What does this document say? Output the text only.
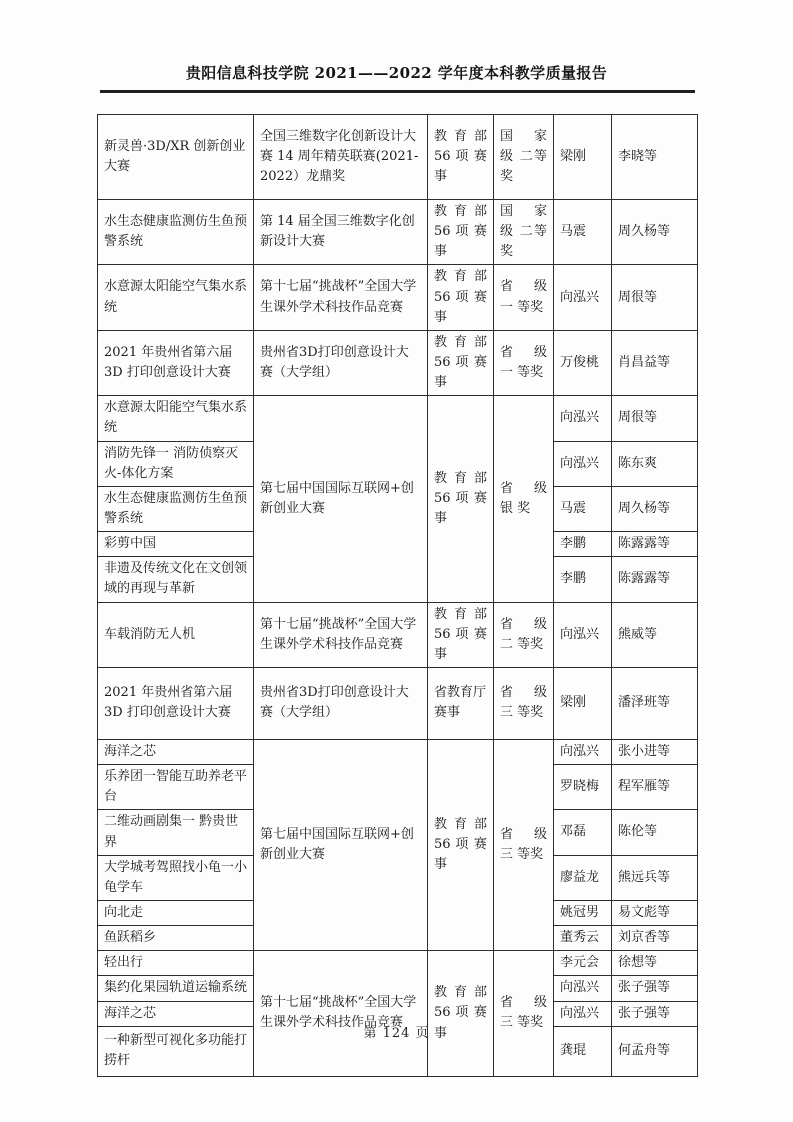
贵阳信息科技学院 2021——2022 学年度本科教学质量报告
新灵兽·3D/XR 创新创业大赛	全国三维数字化创新设计大赛 14 周年精英联赛(2021-2022）龙鼎奖	教 育 部 56 项 赛 事	国 家 级 二等奖	梁刚	李晓等
水生态健康监测仿生鱼预警系统	第 14 届全国三维数字化创新设计大赛	教 育 部 56 项 赛 事	国 家 级 二等奖	马震	周久杨等
水意源太阳能空气集水系统	第十七届“挑战杯”全国大学生课外学术科技作品竞赛	教 育 部 56 项 赛 事	省 级 一 等奖	向泓兴	周很等
2021 年贵州省第六届 3D 打印创意设计大赛	贵州省3D打印创意设计大赛（大学组）	教 育 部 56 项 赛 事	省 级 一 等奖	万俊桃	肖昌益等
水意源太阳能空气集水系统	第七届中国国际互联网+创新创业大赛	教 育 部 56 项 赛 事	省 级 银 奖	向泓兴	周很等
消防先锋一 消防侦察灭火-体化方案				向泓兴	陈东爽
水生态健康监测仿生鱼预警系统				马震	周久杨等
彩剪中国				李鹏	陈露露等
非遗及传统文化在文创领域的再现与革新				李鹏	陈露露等
车载消防无人机	第十七届“挑战杯”全国大学生课外学术科技作品竞赛	教 育 部 56 项 赛 事	省 级 二 等奖	向泓兴	熊威等
2021 年贵州省第六届 3D 打印创意设计大赛	贵州省3D打印创意设计大赛（大学组）	省教育厅赛事	省 级 三 等奖	梁刚	潘泽班等
海洋之芯	第七届中国国际互联网+创新创业大赛	教 育 部 56 项 赛 事	省 级 三 等奖	向泓兴	张小进等
乐养团一智能互助养老平台				罗晓梅	程军雁等
二维动画剧集一 黔贵世界				邓磊	陈伦等
大学城考驾照找小龟一小龟学车				廖益龙	熊远兵等
向北走				姚冠男	易文彪等
鱼跃稻乡				董秀云	刘京香等
轻出行	第十七届“挑战杯”全国大学生课外学术科技作品竞赛	教 育 部 56 项 赛 事	省 级 三 等奖	李元会	徐想等
集约化果园轨道运输系统				向泓兴	张子强等
海洋之芯				向泓兴	张子强等
一种新型可视化多功能打捞杆				龚琨	何孟舟等
第 124 页
